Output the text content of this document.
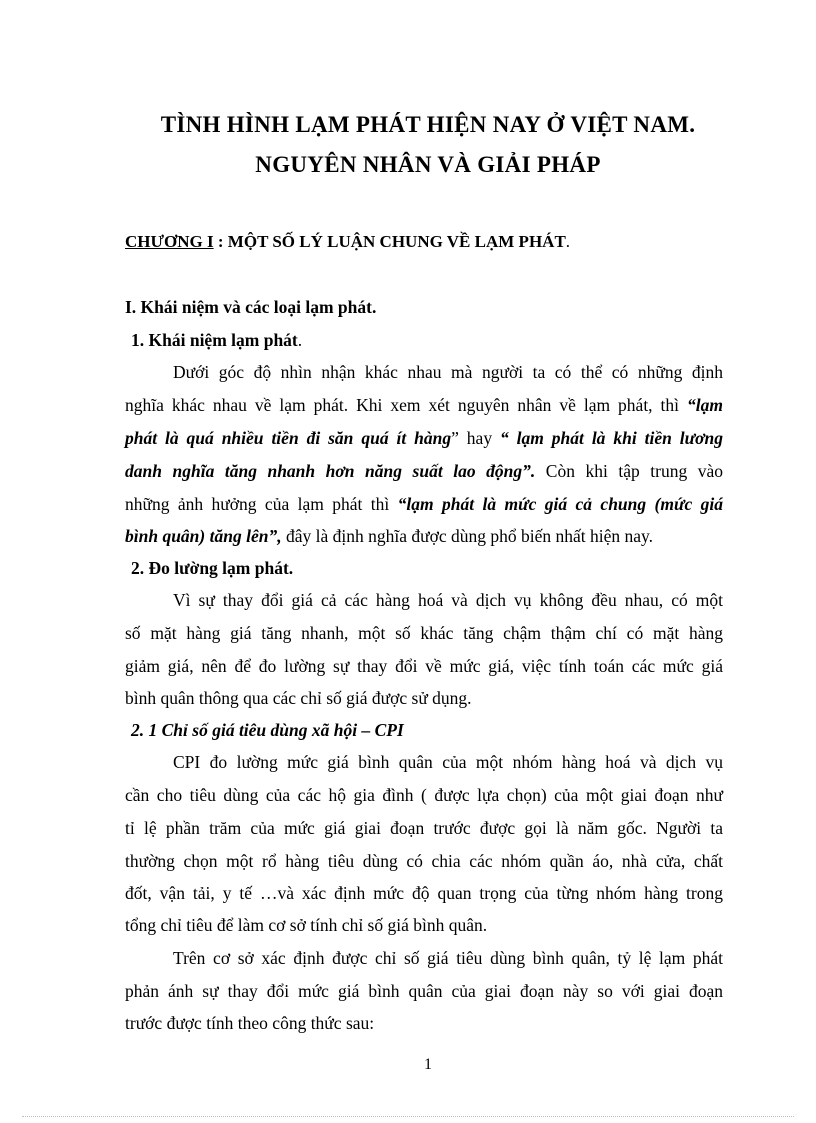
TÌNH HÌNH LẠM PHÁT HIỆN NAY Ở VIỆT NAM.
NGUYÊN NHÂN VÀ GIẢI PHÁP
CHƯƠNG I : MỘT SỐ LÝ LUẬN CHUNG VỀ LẠM PHÁT.
I. Khái niệm và các loại lạm phát.
1. Khái niệm lạm phát.
Dưới góc độ nhìn nhận khác nhau mà người ta có thể có những định
nghĩa khác nhau về lạm phát. Khi xem xét nguyên nhân về lạm phát, thì “lạm
phát là quá nhiều tiền đi săn quá ít hàng” hay “ lạm phát là khi tiền lương
danh nghĩa tăng nhanh hơn năng suất lao động”. Còn khi tập trung vào
những ảnh hưởng của lạm phát thì “lạm phát là mức giá cả chung (mức giá
bình quân) tăng lên”, đây là định nghĩa được dùng phổ biến nhất hiện nay.
2. Đo lường lạm phát.
Vì sự thay đổi giá cả các hàng hoá và dịch vụ không đều nhau, có một
số mặt hàng giá tăng nhanh, một số khác tăng chậm thậm chí có mặt hàng
giảm giá, nên để đo lường sự thay đổi về mức giá, việc tính toán các mức giá
bình quân thông qua các chỉ số giá được sử dụng.
2. 1 Chỉ số giá tiêu dùng xã hội – CPI
CPI đo lường mức giá bình quân của một nhóm hàng hoá và dịch vụ
cần cho tiêu dùng của các hộ gia đình ( được lựa chọn) của một giai đoạn như
tỉ lệ phần trăm của mức giá giai đoạn trước được gọi là năm gốc. Người ta
thường chọn một rổ hàng tiêu dùng có chia các nhóm quần áo, nhà cửa, chất
đốt, vận tải, y tế …và xác định mức độ quan trọng của từng nhóm hàng trong
tổng chỉ tiêu để làm cơ sở tính chỉ số giá bình quân.
Trên cơ sở xác định được chỉ số giá tiêu dùng bình quân, tỷ lệ lạm phát
phản ánh sự thay đổi mức giá bình quân của giai đoạn này so với giai đoạn
trước được tính theo công thức sau:
1
